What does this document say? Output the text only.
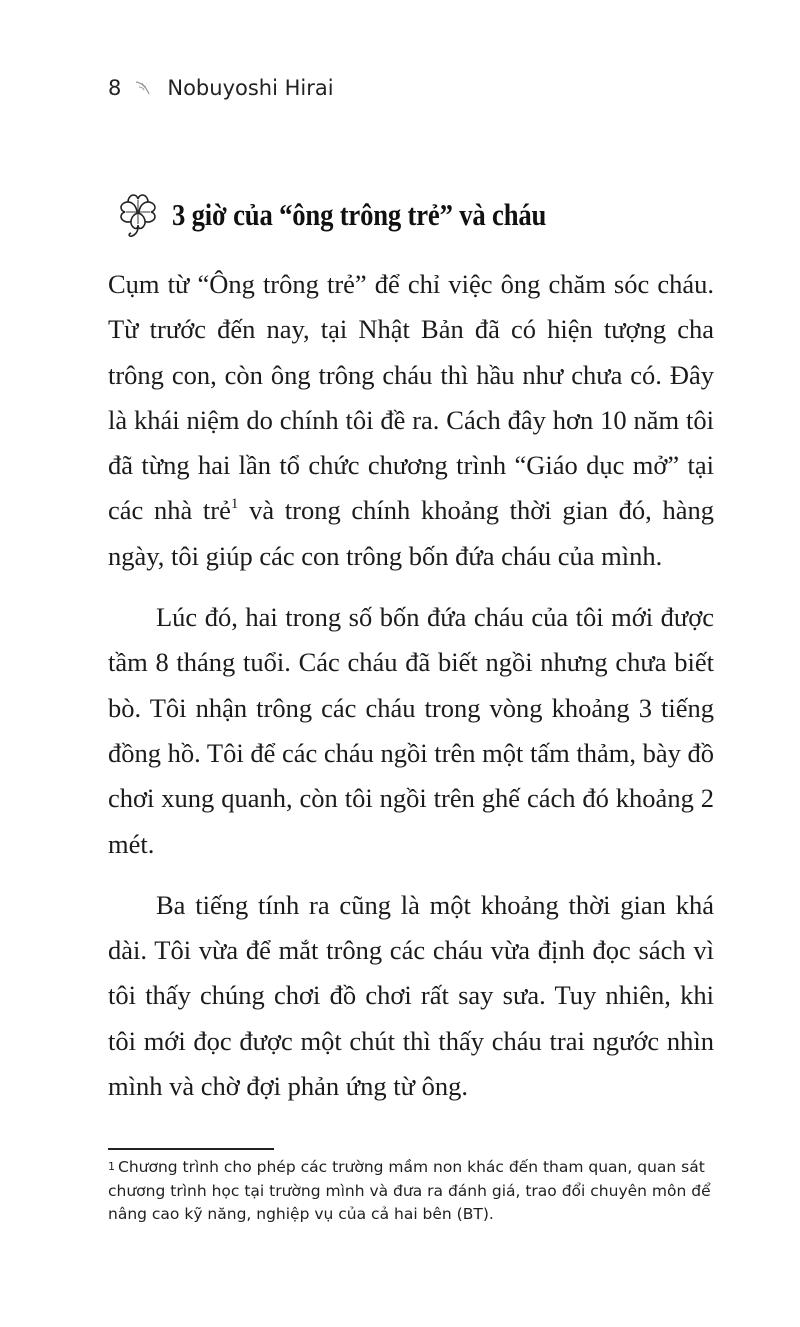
8 Nobuyoshi Hirai
3 giờ của “ông trông trẻ” và cháu

Cụm từ “Ông trông trẻ” để chỉ việc ông chăm sóc cháu. Từ trước đến nay, tại Nhật Bản đã có hiện tượng cha trông con, còn ông trông cháu thì hầu như chưa có. Đây là khái niệm do chính tôi đề ra. Cách đây hơn 10 năm tôi đã từng hai lần tổ chức chương trình “Giáo dục mở” tại các nhà trẻ$^1$ và trong chính khoảng thời gian đó, hàng ngày, tôi giúp các con trông bốn đứa cháu của mình.

Lúc đó, hai trong số bốn đứa cháu của tôi mới được tầm 8 tháng tuổi. Các cháu đã biết ngồi nhưng chưa biết bò. Tôi nhận trông các cháu trong vòng khoảng 3 tiếng đồng hồ. Tôi để các cháu ngồi trên một tấm thảm, bày đồ chơi xung quanh, còn tôi ngồi trên ghế cách đó khoảng 2 mét.

Ba tiếng tính ra cũng là một khoảng thời gian khá dài. Tôi vừa để mắt trông các cháu vừa định đọc sách vì tôi thấy chúng chơi đồ chơi rất say sưa. Tuy nhiên, khi tôi mới đọc được một chút thì thấy cháu trai ngước nhìn mình và chờ đợi phản ứng từ ông.

$^1$ Chương trình cho phép các trường mầm non khác đến tham quan, quan sát chương trình học tại trường mình và đưa ra đánh giá, trao đổi chuyên môn để nâng cao kỹ năng, nghiệp vụ của cả hai bên (BT).
